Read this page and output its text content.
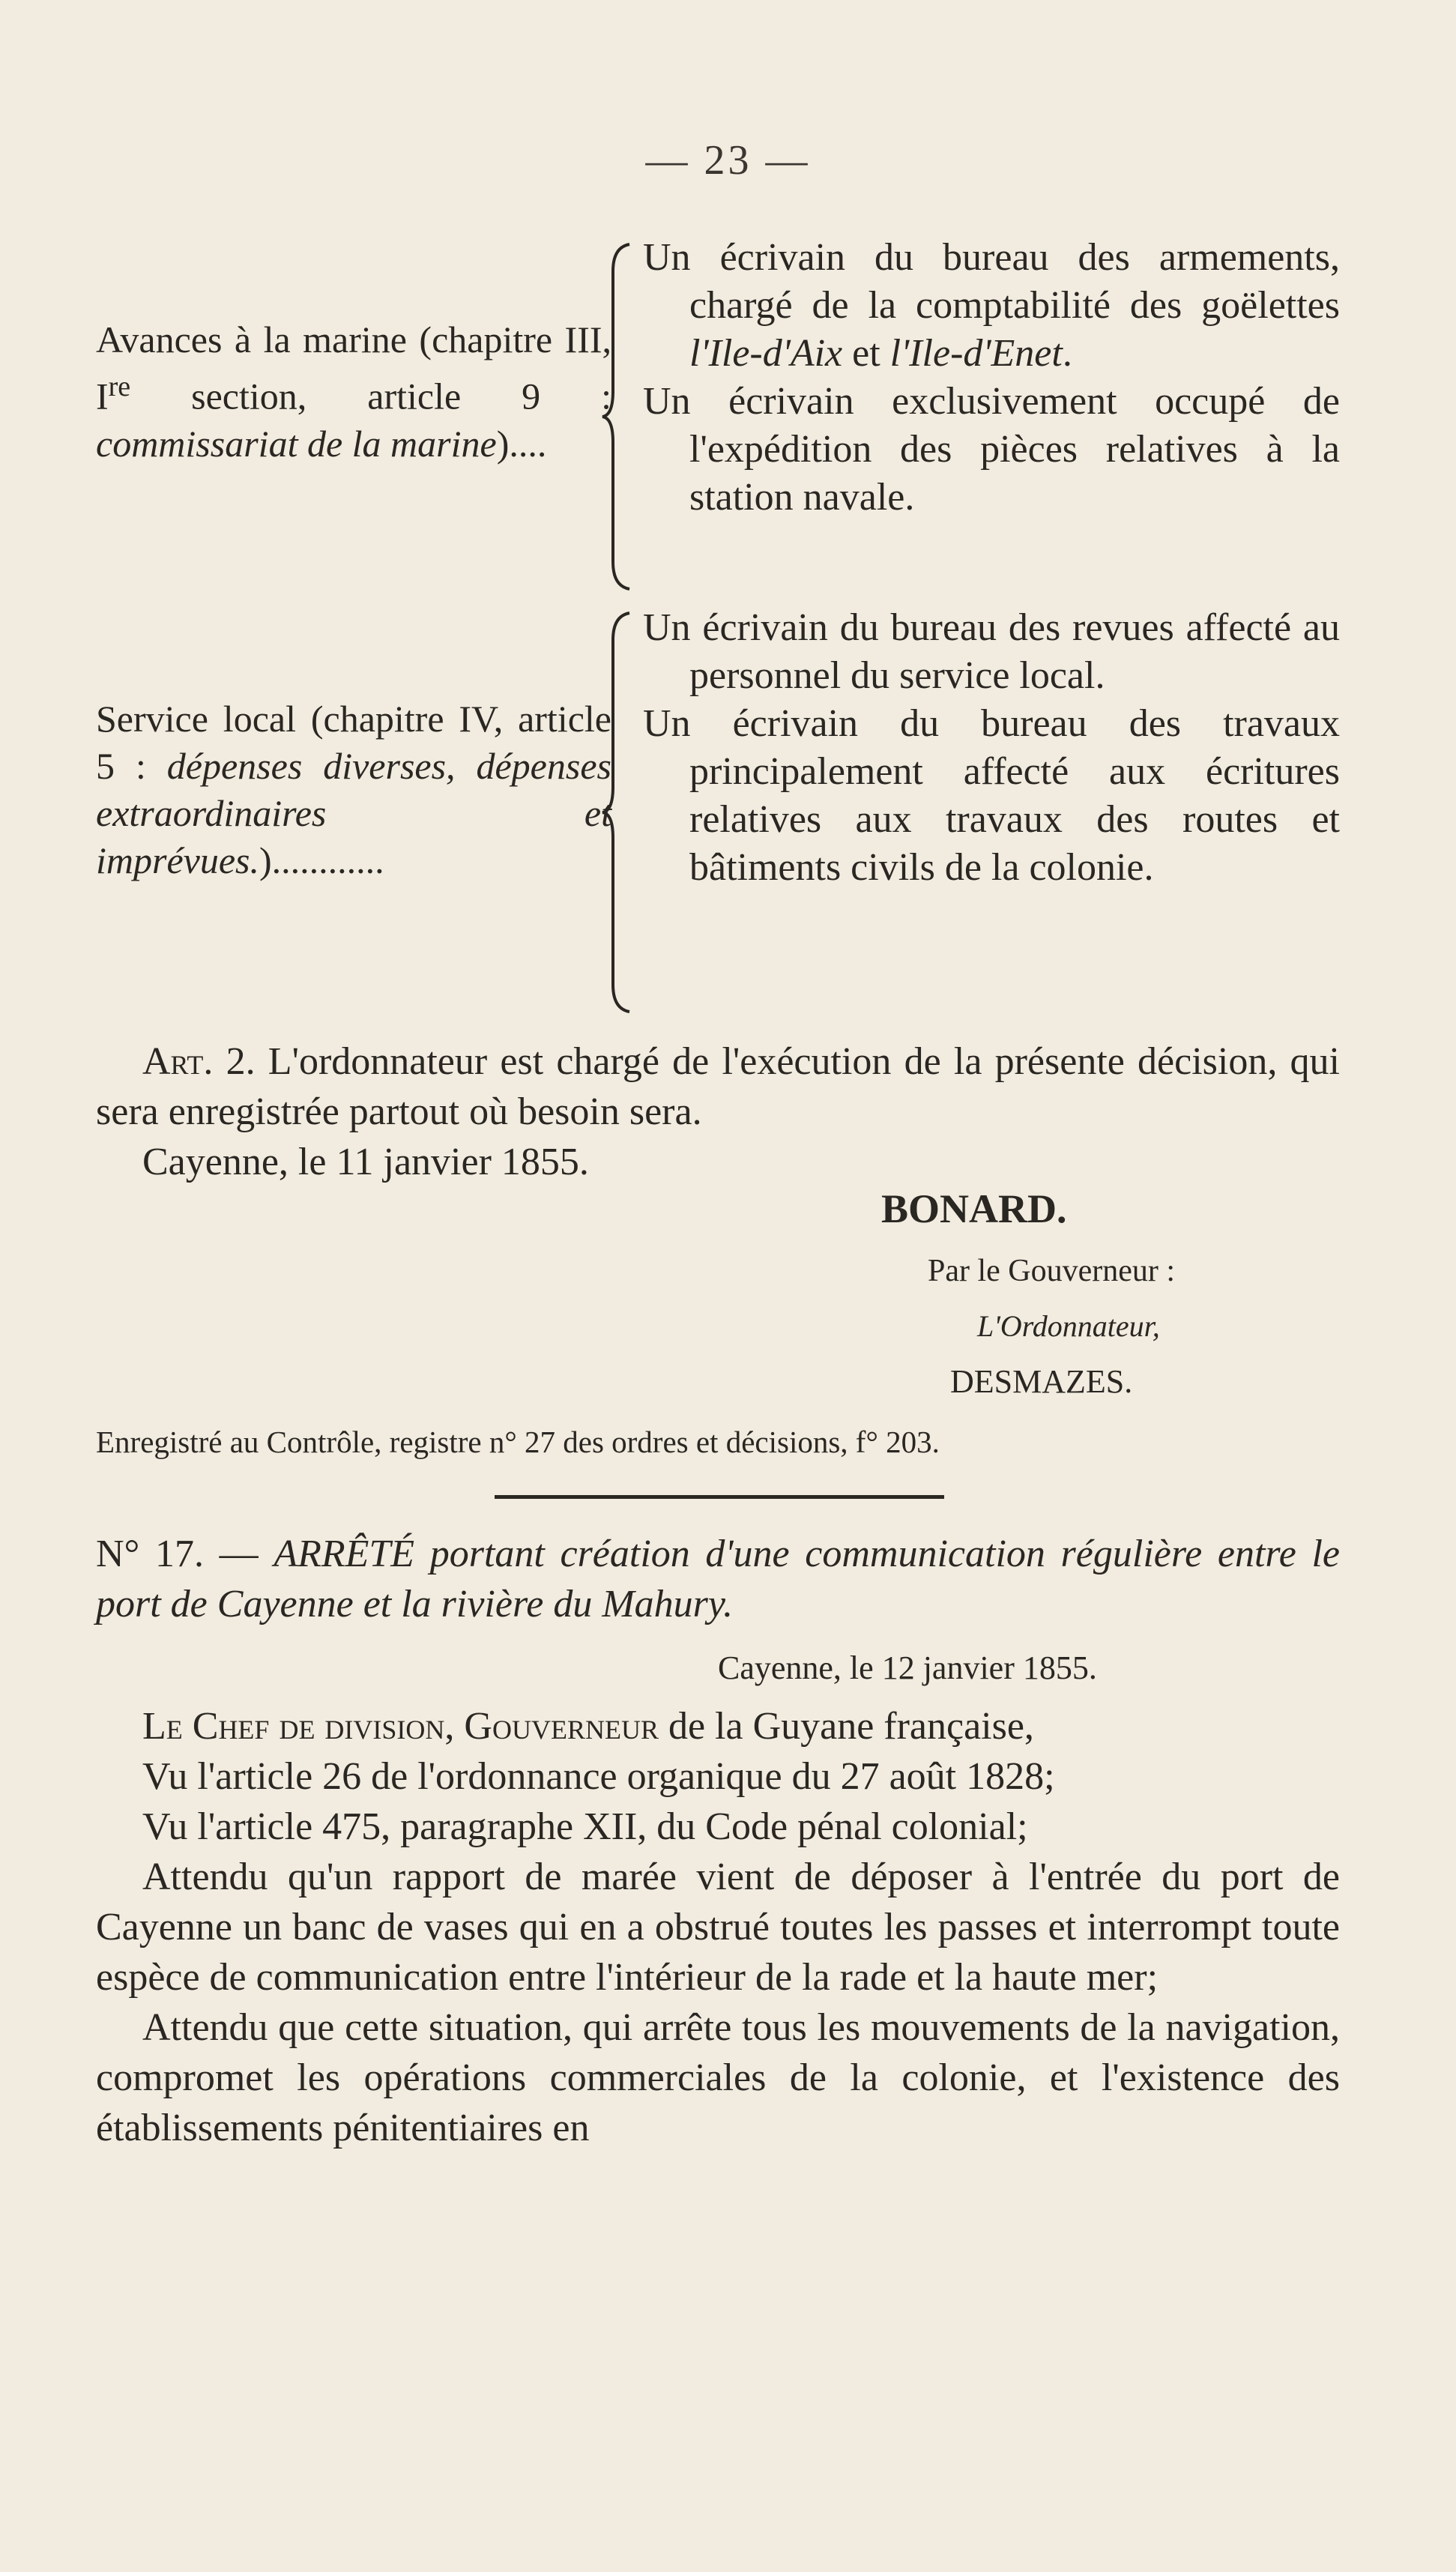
— 23 —
Avances à la marine (chapitre III, Ire section, article 9 : commissariat de la marine)....

Un écrivain du bureau des armements, chargé de la comptabilité des goëlettes l'Ile-d'Aix et l'Ile-d'Enet.

Un écrivain exclusivement occupé de l'expédition des pièces relatives à la station navale.

Service local (chapitre IV, article 5 : dépenses diverses, dépenses extraordinaires et imprévues.)............

Un écrivain du bureau des revues affecté au personnel du service local.

Un écrivain du bureau des travaux principalement affecté aux écritures relatives aux travaux des routes et bâtiments civils de la colonie.

Art. 2. L'ordonnateur est chargé de l'exécution de la présente décision, qui sera enregistrée partout où besoin sera.

Cayenne, le 11 janvier 1855.

BONARD.
Par le Gouverneur :
L'Ordonnateur,
DESMAZES.
Enregistré au Contrôle, registre n° 27 des ordres et décisions, f° 203.

N° 17. — ARRÊTÉ portant création d'une communication régulière entre le port de Cayenne et la rivière du Mahury.

Cayenne, le 12 janvier 1855.

Le Chef de division, Gouverneur de la Guyane française,

Vu l'article 26 de l'ordonnance organique du 27 août 1828;

Vu l'article 475, paragraphe XII, du Code pénal colonial;

Attendu qu'un rapport de marée vient de déposer à l'entrée du port de Cayenne un banc de vases qui en a obstrué toutes les passes et interrompt toute espèce de communication entre l'intérieur de la rade et la haute mer;

Attendu que cette situation, qui arrête tous les mouvements de la navigation, compromet les opérations commerciales de la colonie, et l'existence des établissements pénitentiaires en
